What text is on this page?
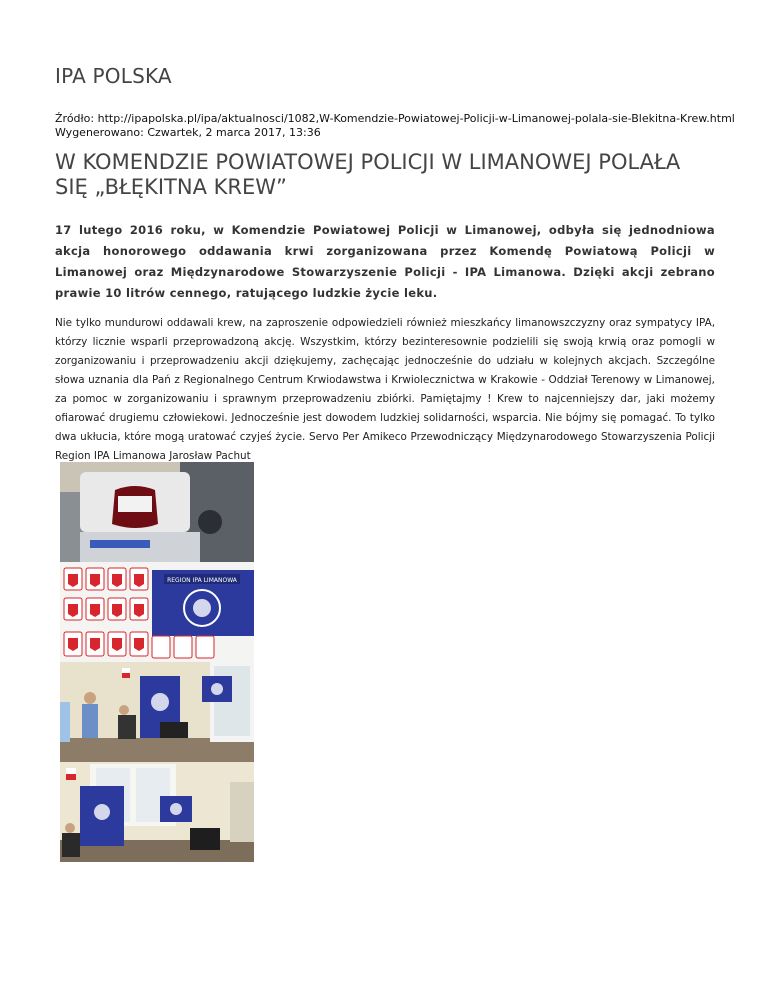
IPA POLSKA
Źródło: http://ipapolska.pl/ipa/aktualnosci/1082,W-Komendzie-Powiatowej-Policji-w-Limanowej-polala-sie-Blekitna-Krew.html
Wygenerowano: Czwartek, 2 marca 2017, 13:36
W KOMENDZIE POWIATOWEJ POLICJI W LIMANOWEJ POLAŁA SIĘ „BŁĘKITNA KREW”

17 lutego 2016 roku, w Komendzie Powiatowej Policji w Limanowej, odbyła się jednodniowa akcja honorowego oddawania krwi zorganizowana przez Komendę Powiatową Policji w Limanowej oraz Międzynarodowe Stowarzyszenie Policji - IPA Limanowa. Dzięki akcji zebrano prawie 10 litrów cennego, ratującego ludzkie życie leku.

Nie tylko mundurowi oddawali krew, na zaproszenie odpowiedzieli również mieszkańcy limanowszczyzny oraz sympatycy IPA, którzy licznie wsparli przeprowadzoną akcję. Wszystkim, którzy bezinteresownie podzielili się swoją krwią oraz pomogli w zorganizowaniu i przeprowadzeniu akcji dziękujemy, zachęcając jednocześnie do udziału w kolejnych akcjach. Szczególne słowa uznania dla Pań z Regionalnego Centrum Krwiodawstwa i Krwiolecznictwa w Krakowie - Oddział Terenowy w Limanowej, za pomoc w zorganizowaniu i sprawnym przeprowadzeniu zbiórki. Pamiętajmy ! Krew to najcenniejszy dar, jaki możemy ofiarować drugiemu człowiekowi. Jednocześnie jest dowodem ludzkiej solidarności, wsparcia. Nie bójmy się pomagać. To tylko dwa ukłucia, które mogą uratować czyjeś życie. Servo Per Amikeco Przewodniczący Międzynarodowego Stowarzyszenia Policji Region IPA Limanowa Jarosław Pachut

REGION IPA LIMANOWA
